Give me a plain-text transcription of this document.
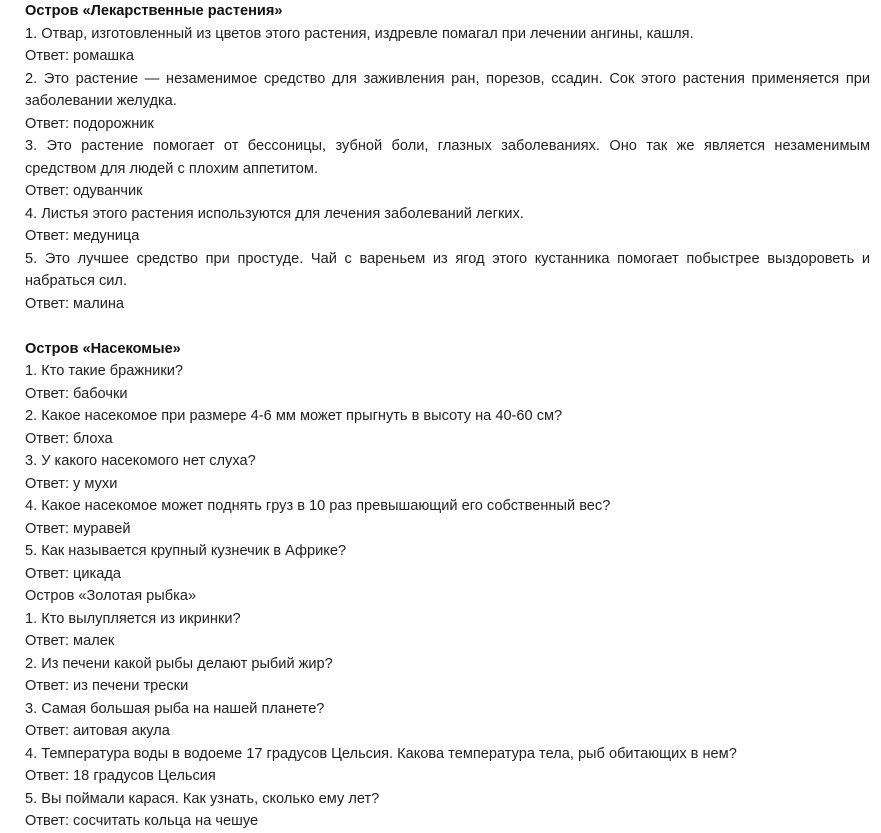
Остров «Лекарственные растения»

1. Отвар, изготовленный из цветов этого растения, издревле помагал при лечении ангины, кашля.

Ответ: ромашка

2. Это растение — незаменимое средство для заживления ран, порезов, ссадин. Сок этого растения применяется при заболевании желудка.

Ответ: подорожник

3. Это растение помогает от бессоницы, зубной боли, глазных заболеваниях. Оно так же является незаменимым средством для людей с плохим аппетитом.

Ответ: одуванчик

4. Листья этого растения используются для лечения заболеваний легких.

Ответ: медуница

5. Это лучшее средство при простуде. Чай с вареньем из ягод этого кустанника помогает побыстрее выздороветь и набраться сил.

Ответ: малина

Остров «Насекомые»

1. Кто такие бражники?

Ответ: бабочки

2. Какое насекомое при размере 4-6 мм может прыгнуть в высоту на 40-60 см?

Ответ: блоха

3. У какого насекомого нет слуха?

Ответ: у мухи

4. Какое насекомое может поднять груз в 10 раз превышающий его собственный вес?

Ответ: муравей

5. Как называется крупный кузнечик в Африке?

Ответ: цикада

Остров «Золотая рыбка»

1. Кто вылупляется из икринки?

Ответ: малек

2. Из печени какой рыбы делают рыбий жир?

Ответ: из печени трески

3. Самая большая рыба на нашей планете?

Ответ: аитовая акула

4. Температура воды в водоеме 17 градусов Цельсия. Какова температура тела, рыб обитающих в нем?

Ответ: 18 градусов Цельсия

5. Вы поймали карася. Как узнать, сколько ему лет?

Ответ: сосчитать кольца на чешуе
